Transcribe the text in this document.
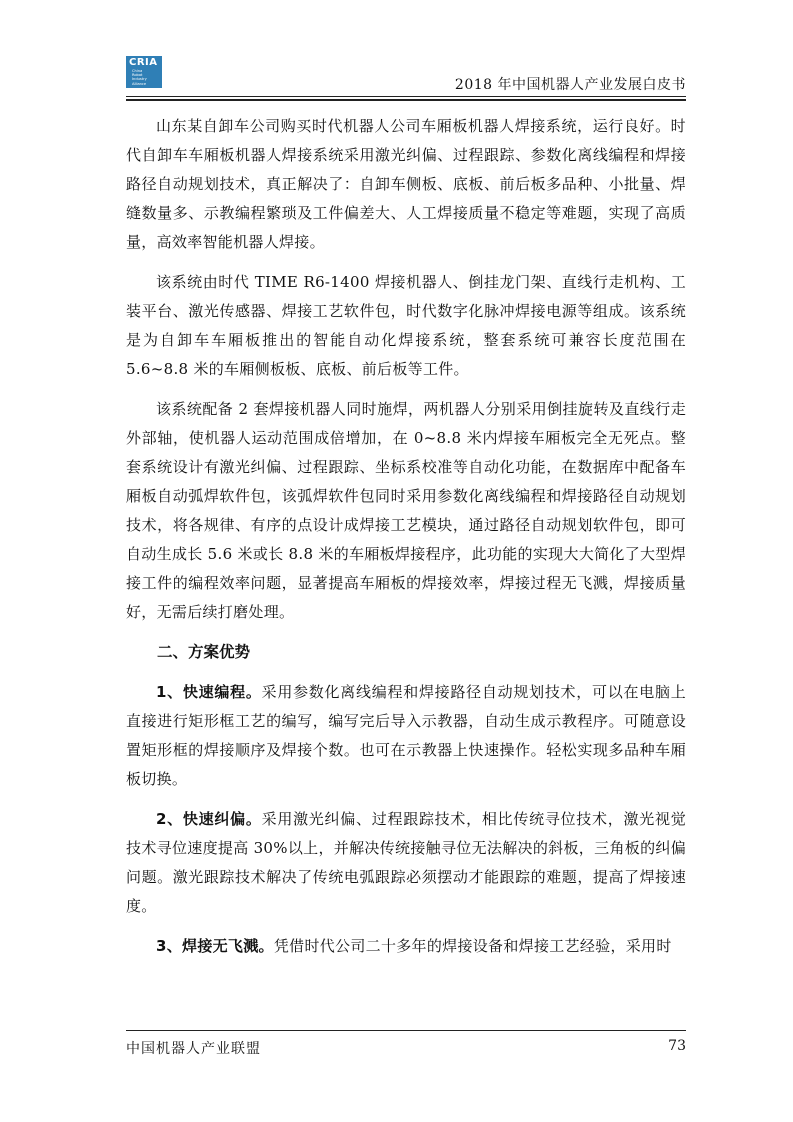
CRIA
China
Robot
Industry
Alliance	2018 年中国机器人产业发展白皮书

山东某自卸车公司购买时代机器人公司车厢板机器人焊接系统，运行良好。时代自卸车车厢板机器人焊接系统采用激光纠偏、过程跟踪、参数化离线编程和焊接路径自动规划技术，真正解决了：自卸车侧板、底板、前后板多品种、小批量、焊缝数量多、示教编程繁琐及工件偏差大、人工焊接质量不稳定等难题，实现了高质量，高效率智能机器人焊接。

该系统由时代 TIME R6-1400 焊接机器人、倒挂龙门架、直线行走机构、工装平台、激光传感器、焊接工艺软件包，时代数字化脉冲焊接电源等组成。该系统是为自卸车车厢板推出的智能自动化焊接系统，整套系统可兼容长度范围在 5.6~8.8 米的车厢侧板板、底板、前后板等工件。

该系统配备 2 套焊接机器人同时施焊，两机器人分别采用倒挂旋转及直线行走外部轴，使机器人运动范围成倍增加，在 0~8.8 米内焊接车厢板完全无死点。整套系统设计有激光纠偏、过程跟踪、坐标系校准等自动化功能，在数据库中配备车厢板自动弧焊软件包，该弧焊软件包同时采用参数化离线编程和焊接路径自动规划技术，将各规律、有序的点设计成焊接工艺模块，通过路径自动规划软件包，即可自动生成长 5.6 米或长 8.8 米的车厢板焊接程序，此功能的实现大大简化了大型焊接工件的编程效率问题，显著提高车厢板的焊接效率，焊接过程无飞溅，焊接质量好，无需后续打磨处理。

二、方案优势

1、快速编程。采用参数化离线编程和焊接路径自动规划技术，可以在电脑上直接进行矩形框工艺的编写，编写完后导入示教器，自动生成示教程序。可随意设置矩形框的焊接顺序及焊接个数。也可在示教器上快速操作。轻松实现多品种车厢板切换。

2、快速纠偏。采用激光纠偏、过程跟踪技术，相比传统寻位技术，激光视觉技术寻位速度提高 30%以上，并解决传统接触寻位无法解决的斜板，三角板的纠偏问题。激光跟踪技术解决了传统电弧跟踪必须摆动才能跟踪的难题，提高了焊接速度。

3、焊接无飞溅。凭借时代公司二十多年的焊接设备和焊接工艺经验，采用时

中国机器人产业联盟	73
